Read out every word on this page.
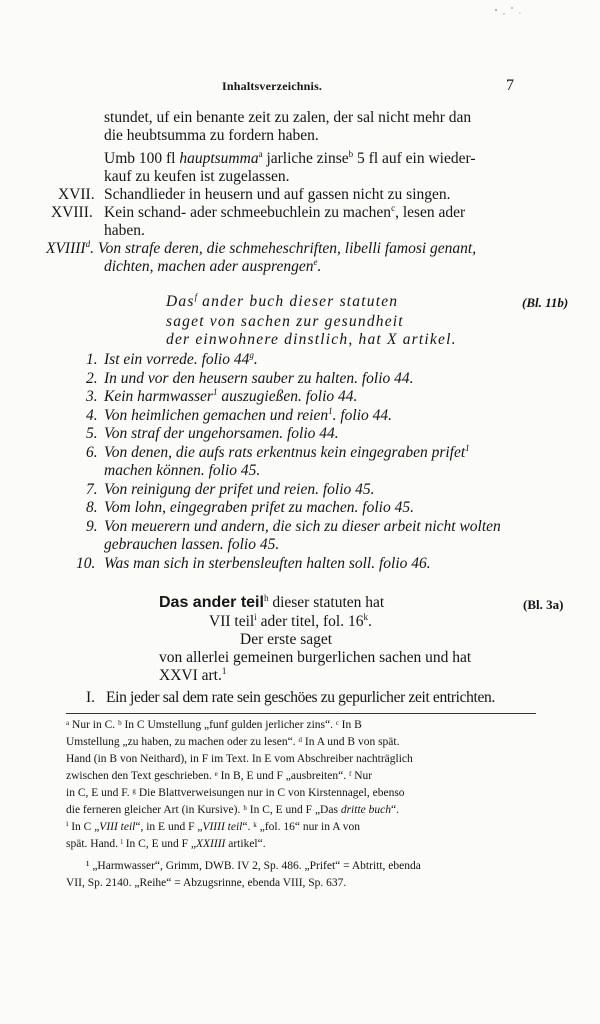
Inhaltsverzeichnis.	7
stundet, uf ein benante zeit zu zalen, der sal nicht mehr dan
die heubtsumma zu fordern haben.
Umb 100 fl hauptsumma$^a$ jarliche zinse$^b$ 5 fl auf ein wieder-
kauf zu keufen ist zugelassen.
XVII. Schandlieder in heusern und auf gassen nicht zu singen.
XVIII. Kein schand- ader schmeebuchlein zu machen$^c$, lesen ader
haben.
XVIIII$^d$. Von strafe deren, die schmeheschriften, libelli famosi genant,
dichten, machen ader ausprengen$^e$.
Das$^f$ ander buch dieser statuten
saget von sachen zur gesundheit
der einwohnere dinstlich, hat X artikel.
(Bl. 11b)
1. Ist ein vorrede. folio 44$^g$.
2. In und vor den heusern sauber zu halten. folio 44.
3. Kein harmwasser$^1$ auszugießen. folio 44.
4. Von heimlichen gemachen und reien$^1$. folio 44.
5. Von straf der ungehorsamen. folio 44.
6. Von denen, die aufs rats erkentnus kein eingegraben prifet$^1$
machen können. folio 45.
7. Von reinigung der prifet und reien. folio 45.
8. Vom lohn, eingegraben prifet zu machen. folio 45.
9. Von meuerern und andern, die sich zu dieser arbeit nicht wolten
gebrauchen lassen. folio 45.
10. Was man sich in sterbensleuften halten soll. folio 46.
Das ander teil$^h$ dieser statuten hat	(Bl. 3a)
VII teil$^i$ ader titel, fol. 16$^k$.
Der erste saget
von allerlei gemeinen burgerlichen sachen und hat
XXVI art.$^1$
I. Ein jeder sal dem rate sein geschöes zu gepurlicher zeit entrichten.
ᵃ Nur in C. ᵇ In C Umstellung „funf gulden jerlicher zins“. ᶜ In B
Umstellung „zu haben, zu machen oder zu lesen“. ᵈ In A und B von spät.
Hand (in B von Neithard), in F im Text. In E vom Abschreiber nachträglich
zwischen den Text geschrieben. ᵉ In B, E und F „ausbreiten“. ᶠ Nur
in C, E und F. ᵍ Die Blattverweisungen nur in C von Kirstennagel, ebenso
die ferneren gleicher Art (in Kursive). ʰ In C, E und F „Das dritte buch“.
ⁱ In C „VIII teil“, in E und F „VIIII teil“. ᵏ „fol. 16“ nur in A von
spät. Hand. ˡ In C, E und F „XXIIII artikel“.
¹ „Harmwasser“, Grimm, DWB. IV 2, Sp. 486. „Prifet“ = Abtritt, ebenda
VII, Sp. 2140. „Reihe“ = Abzugsrinne, ebenda VIII, Sp. 637.
